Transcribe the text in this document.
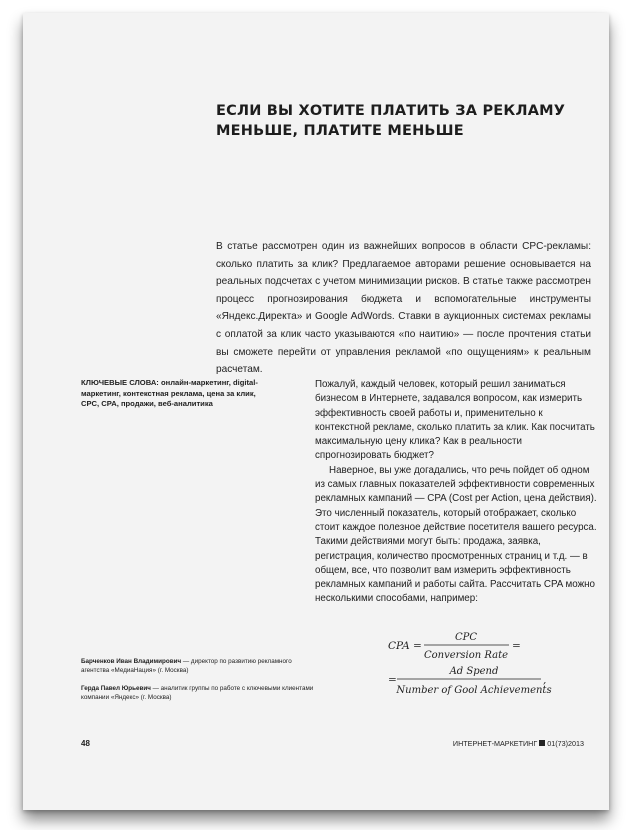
ЕСЛИ ВЫ ХОТИТЕ ПЛАТИТЬ ЗА РЕКЛАМУ
МЕНЬШЕ, ПЛАТИТЕ МЕНЬШЕ
В статье рассмотрен один из важнейших вопросов в области CPC-рекламы: сколько платить за клик? Предлагаемое авторами решение основывается на реальных подсчетах с учетом минимизации рисков. В статье также рассмотрен процесс прогнозирования бюджета и вспомогательные инструменты «Яндекс.Директа» и Google AdWords. Ставки в аукционных системах рекламы с оплатой за клик часто указываются «по наитию» — после прочтения статьи вы сможете перейти от управления рекламой «по ощущениям» к реальным расчетам.
КЛЮЧЕВЫЕ СЛОВА: онлайн-маркетинг, digital-маркетинг, контекстная реклама, цена за клик, CPC, CPA, продажи, веб-аналитика

Пожалуй, каждый человек, который решил заниматься бизнесом в Интернете, задавался вопросом, как измерить эффективность своей работы и, применительно к контекстной рекламе, сколько платить за клик. Как посчитать максимальную цену клика? Как в реальности спрогнозировать бюджет?

Наверное, вы уже догадались, что речь пойдет об одном из самых главных показателей эффективности современных рекламных кампаний — CPA (Cost per Action, цена действия). Это численный показатель, который отображает, сколько стоит каждое полезное действие посетителя вашего ресурса. Такими действиями могут быть: продажа, заявка, регистрация, количество просмотренных страниц и т.д. — в общем, все, что позволит вам измерить эффективность рекламных кампаний и работы сайта. Рассчитать CPA можно несколькими способами, например:

CPA =
CPC
Conversion Rate
=
=
Ad Spend
Number of Gool Achievements
,
Барченков Иван Владимирович — директор по развитию рекламного агентства «МедиаНация» (г. Москва)
Герда Павел Юрьевич — аналитик группы по работе с ключевыми клиентами компании «Яндекс» (г. Москва)
48	ИНТЕРНЕТ-МАРКЕТИНГ 01(73)2013
